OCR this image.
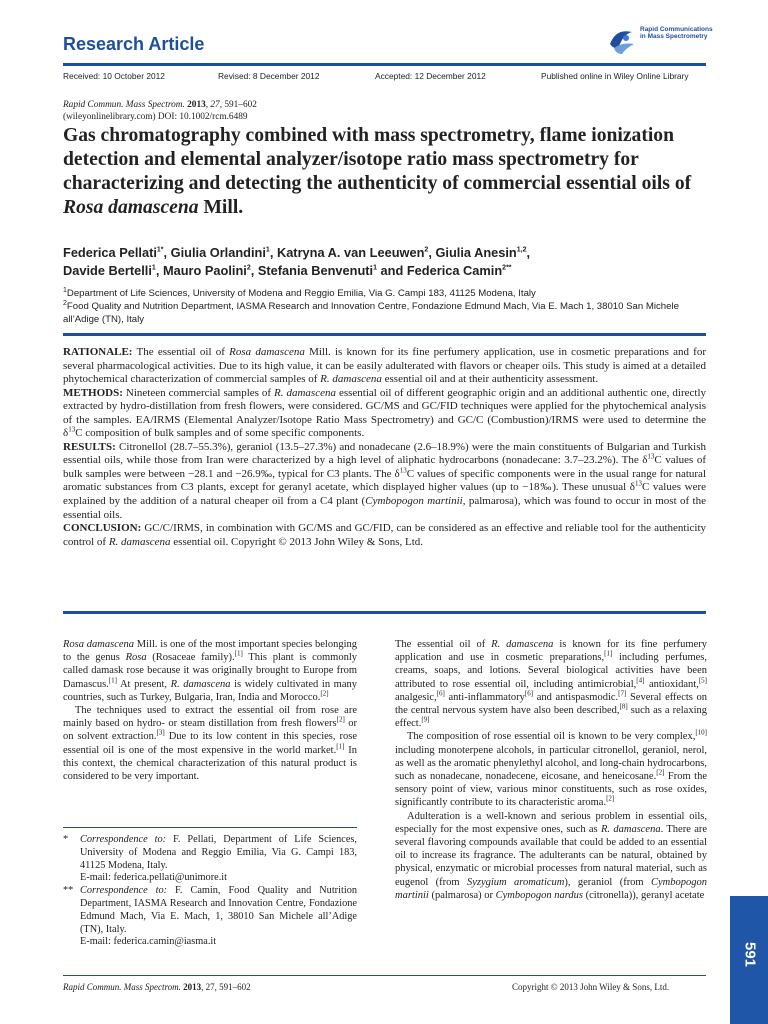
Research Article
Rapid Communications in Mass Spectrometry
Received: 10 October 2012	Revised: 8 December 2012	Accepted: 12 December 2012	Published online in Wiley Online Library
Rapid Commun. Mass Spectrom. 2013, 27, 591–602
(wileyonlinelibrary.com) DOI: 10.1002/rcm.6489
Gas chromatography combined with mass spectrometry, flame ionization detection and elemental analyzer/isotope ratio mass spectrometry for characterizing and detecting the authenticity of commercial essential oils of Rosa damascena Mill.
Federica Pellati$^{1*}$, Giulia Orlandini$^1$, Katryna A. van Leeuwen$^2$, Giulia Anesin$^{1,2}$,
Davide Bertelli$^1$, Mauro Paolini$^2$, Stefania Benvenuti$^1$ and Federica Camin$^{2**}$
$^1$Department of Life Sciences, University of Modena and Reggio Emilia, Via G. Campi 183, 41125 Modena, Italy
$^2$Food Quality and Nutrition Department, IASMA Research and Innovation Centre, Fondazione Edmund Mach, Via E. Mach 1, 38010 San Michele all’Adige (TN), Italy

RATIONALE: The essential oil of Rosa damascena Mill. is known for its fine perfumery application, use in cosmetic preparations and for several pharmacological activities. Due to its high value, it can be easily adulterated with flavors or cheaper oils. This study is aimed at a detailed phytochemical characterization of commercial samples of R. damascena essential oil and at their authenticity assessment.

METHODS: Nineteen commercial samples of R. damascena essential oil of different geographic origin and an additional authentic one, directly extracted by hydro-distillation from fresh flowers, were considered. GC/MS and GC/FID techniques were applied for the phytochemical analysis of the samples. EA/IRMS (Elemental Analyzer/Isotope Ratio Mass Spectrometry) and GC/C (Combustion)/IRMS were used to determine the $\delta^{13}C$ composition of bulk samples and of some specific components.

RESULTS: Citronellol (28.7–55.3%), geraniol (13.5–27.3%) and nonadecane (2.6–18.9%) were the main constituents of Bulgarian and Turkish essential oils, while those from Iran were characterized by a high level of aliphatic hydrocarbons (nonadecane: 3.7–23.2%). The $\delta^{13}C$ values of bulk samples were between −28.1 and −26.9‰, typical for C3 plants. The $\delta^{13}C$ values of specific components were in the usual range for natural aromatic substances from C3 plants, except for geranyl acetate, which displayed higher values (up to −18‰). These unusual $\delta^{13}C$ values were explained by the addition of a natural cheaper oil from a C4 plant (Cymbopogon martinii, palmarosa), which was found to occur in most of the essential oils.

CONCLUSION: GC/C/IRMS, in combination with GC/MS and GC/FID, can be considered as an effective and reliable tool for the authenticity control of R. damascena essential oil. Copyright © 2013 John Wiley & Sons, Ltd.

Rosa damascena Mill. is one of the most important species belonging to the genus Rosa (Rosaceae family).[1] This plant is commonly called damask rose because it was originally brought to Europe from Damascus.[1] At present, R. damascena is widely cultivated in many countries, such as Turkey, Bulgaria, Iran, India and Morocco.[2]

The techniques used to extract the essential oil from rose are mainly based on hydro- or steam distillation from fresh flowers[2] or on solvent extraction.[3] Due to its low content in this species, rose essential oil is one of the most expensive in the world market.[1] In this context, the chemical characterization of this natural product is considered to be very important.

* Correspondence to: F. Pellati, Department of Life Sciences, University of Modena and Reggio Emilia, Via G. Campi 183, 41125 Modena, Italy.
E-mail: federica.pellati@unimore.it
** Correspondence to: F. Camin, Food Quality and Nutrition Department, IASMA Research and Innovation Centre, Fondazione Edmund Mach, Via E. Mach, 1, 38010 San Michele all’Adige (TN), Italy.
E-mail: federica.camin@iasma.it

The essential oil of R. damascena is known for its fine perfumery application and use in cosmetic preparations,[1] including perfumes, creams, soaps, and lotions. Several biological activities have been attributed to rose essential oil, including antimicrobial,[4] antioxidant,[5] analgesic,[6] anti-inflammatory[6] and antispasmodic.[7] Several effects on the central nervous system have also been described,[8] such as a relaxing effect.[9]

The composition of rose essential oil is known to be very complex,[10] including monoterpene alcohols, in particular citronellol, geraniol, nerol, as well as the aromatic phenylethyl alcohol, and long-chain hydrocarbons, such as nonadecane, nonadecene, eicosane, and heneicosane.[2] From the sensory point of view, various minor constituents, such as rose oxides, significantly contribute to its characteristic aroma.[2]

Adulteration is a well-known and serious problem in essential oils, especially for the most expensive ones, such as R. damascena. There are several flavoring compounds available that could be added to an essential oil to increase its fragrance. The adulterants can be natural, obtained by physical, enzymatic or microbial processes from natural material, such as eugenol (from Syzygium aromaticum), geraniol (from Cymbopogon martinii (palmarosa) or Cymbopogon nardus (citronella)), geranyl acetate

Rapid Commun. Mass Spectrom. 2013, 27, 591–602	Copyright © 2013 John Wiley & Sons, Ltd.
591
